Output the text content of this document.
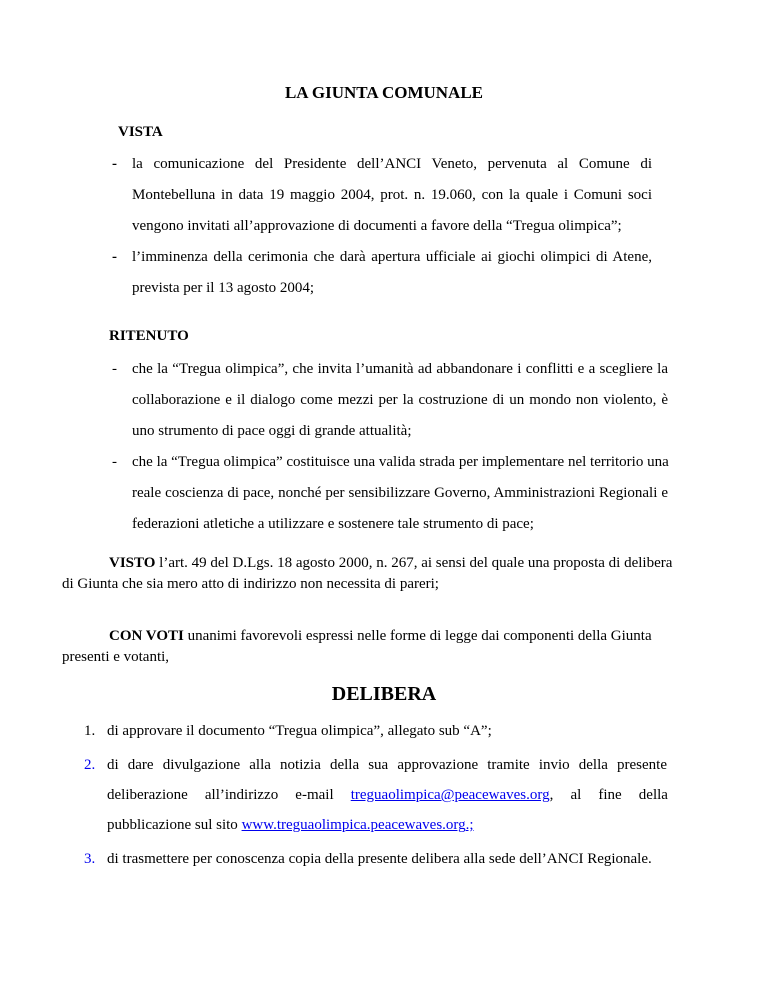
LA GIUNTA COMUNALE
VISTA
- la comunicazione del Presidente dell’ANCI Veneto, pervenuta al Comune di
Montebelluna in data 19 maggio 2004, prot. n. 19.060, con la quale i Comuni soci
vengono invitati all’approvazione di documenti a favore della “Tregua olimpica”;
- l’imminenza della cerimonia che darà apertura ufficiale ai giochi olimpici di Atene,
prevista per il 13 agosto 2004;
RITENUTO
- che la “Tregua olimpica”, che invita l’umanità ad abbandonare i conflitti e a scegliere la
collaborazione e il dialogo come mezzi per la costruzione di un mondo non violento, è
uno strumento di pace oggi di grande attualità;
- che la “Tregua olimpica” costituisce una valida strada per implementare nel territorio una
reale coscienza di pace, nonché per sensibilizzare Governo, Amministrazioni Regionali e
federazioni atletiche a utilizzare e sostenere tale strumento di pace;
VISTO l’art. 49 del D.Lgs. 18 agosto 2000, n. 267, ai sensi del quale una proposta di delibera
di Giunta che sia mero atto di indirizzo non necessita di pareri;
CON VOTI unanimi favorevoli espressi nelle forme di legge dai componenti della Giunta
presenti e votanti,
DELIBERA
1. di approvare il documento “Tregua olimpica”, allegato sub “A”;
2. di dare divulgazione alla notizia della sua approvazione tramite invio della presente
deliberazione all’indirizzo e-mail treguaolimpica@peacewaves.org, al fine della
pubblicazione sul sito www.treguaolimpica.peacewaves.org.;
3. di trasmettere per conoscenza copia della presente delibera alla sede dell’ANCI Regionale.
